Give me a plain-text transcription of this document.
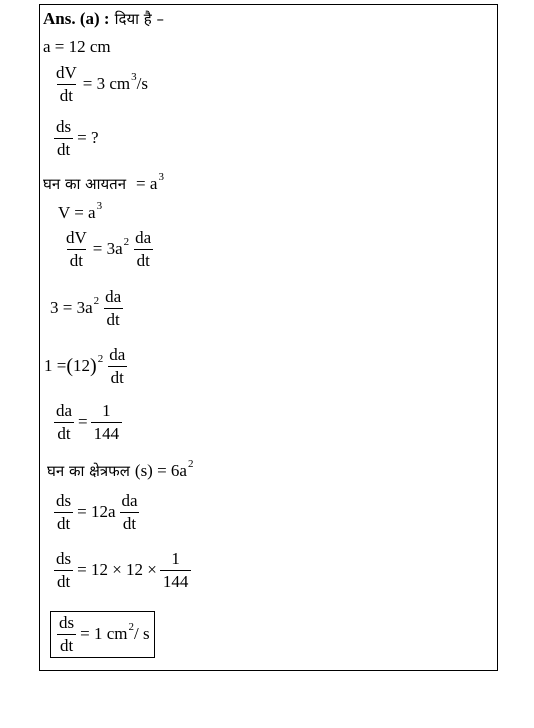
Ans. (a) : दिया है –
a = 12 cm
$\frac{dV}{dt} = 3$ cm 3 /s
$\frac{ds}{dt}$ = ?
घन का आयतन = a 3
V = a 3
$\frac{dV}{dt} = 3a$ $2 \frac{da}{dt}$
3 = 3a $2 \frac{da}{dt}$
1 = ( 12 ) $2 \frac{da}{dt}$
$\frac{da}{dt} = \frac{1}{144}$
घन का क्षेत्रफल (s) = 6a 2
$\frac{ds}{dt} = 12a \frac{da}{dt}$
$\frac{ds}{dt} = 12 \times 12 \times \frac{1}{144}$
$\frac{ds}{dt} = 1$ cm 2 / s
